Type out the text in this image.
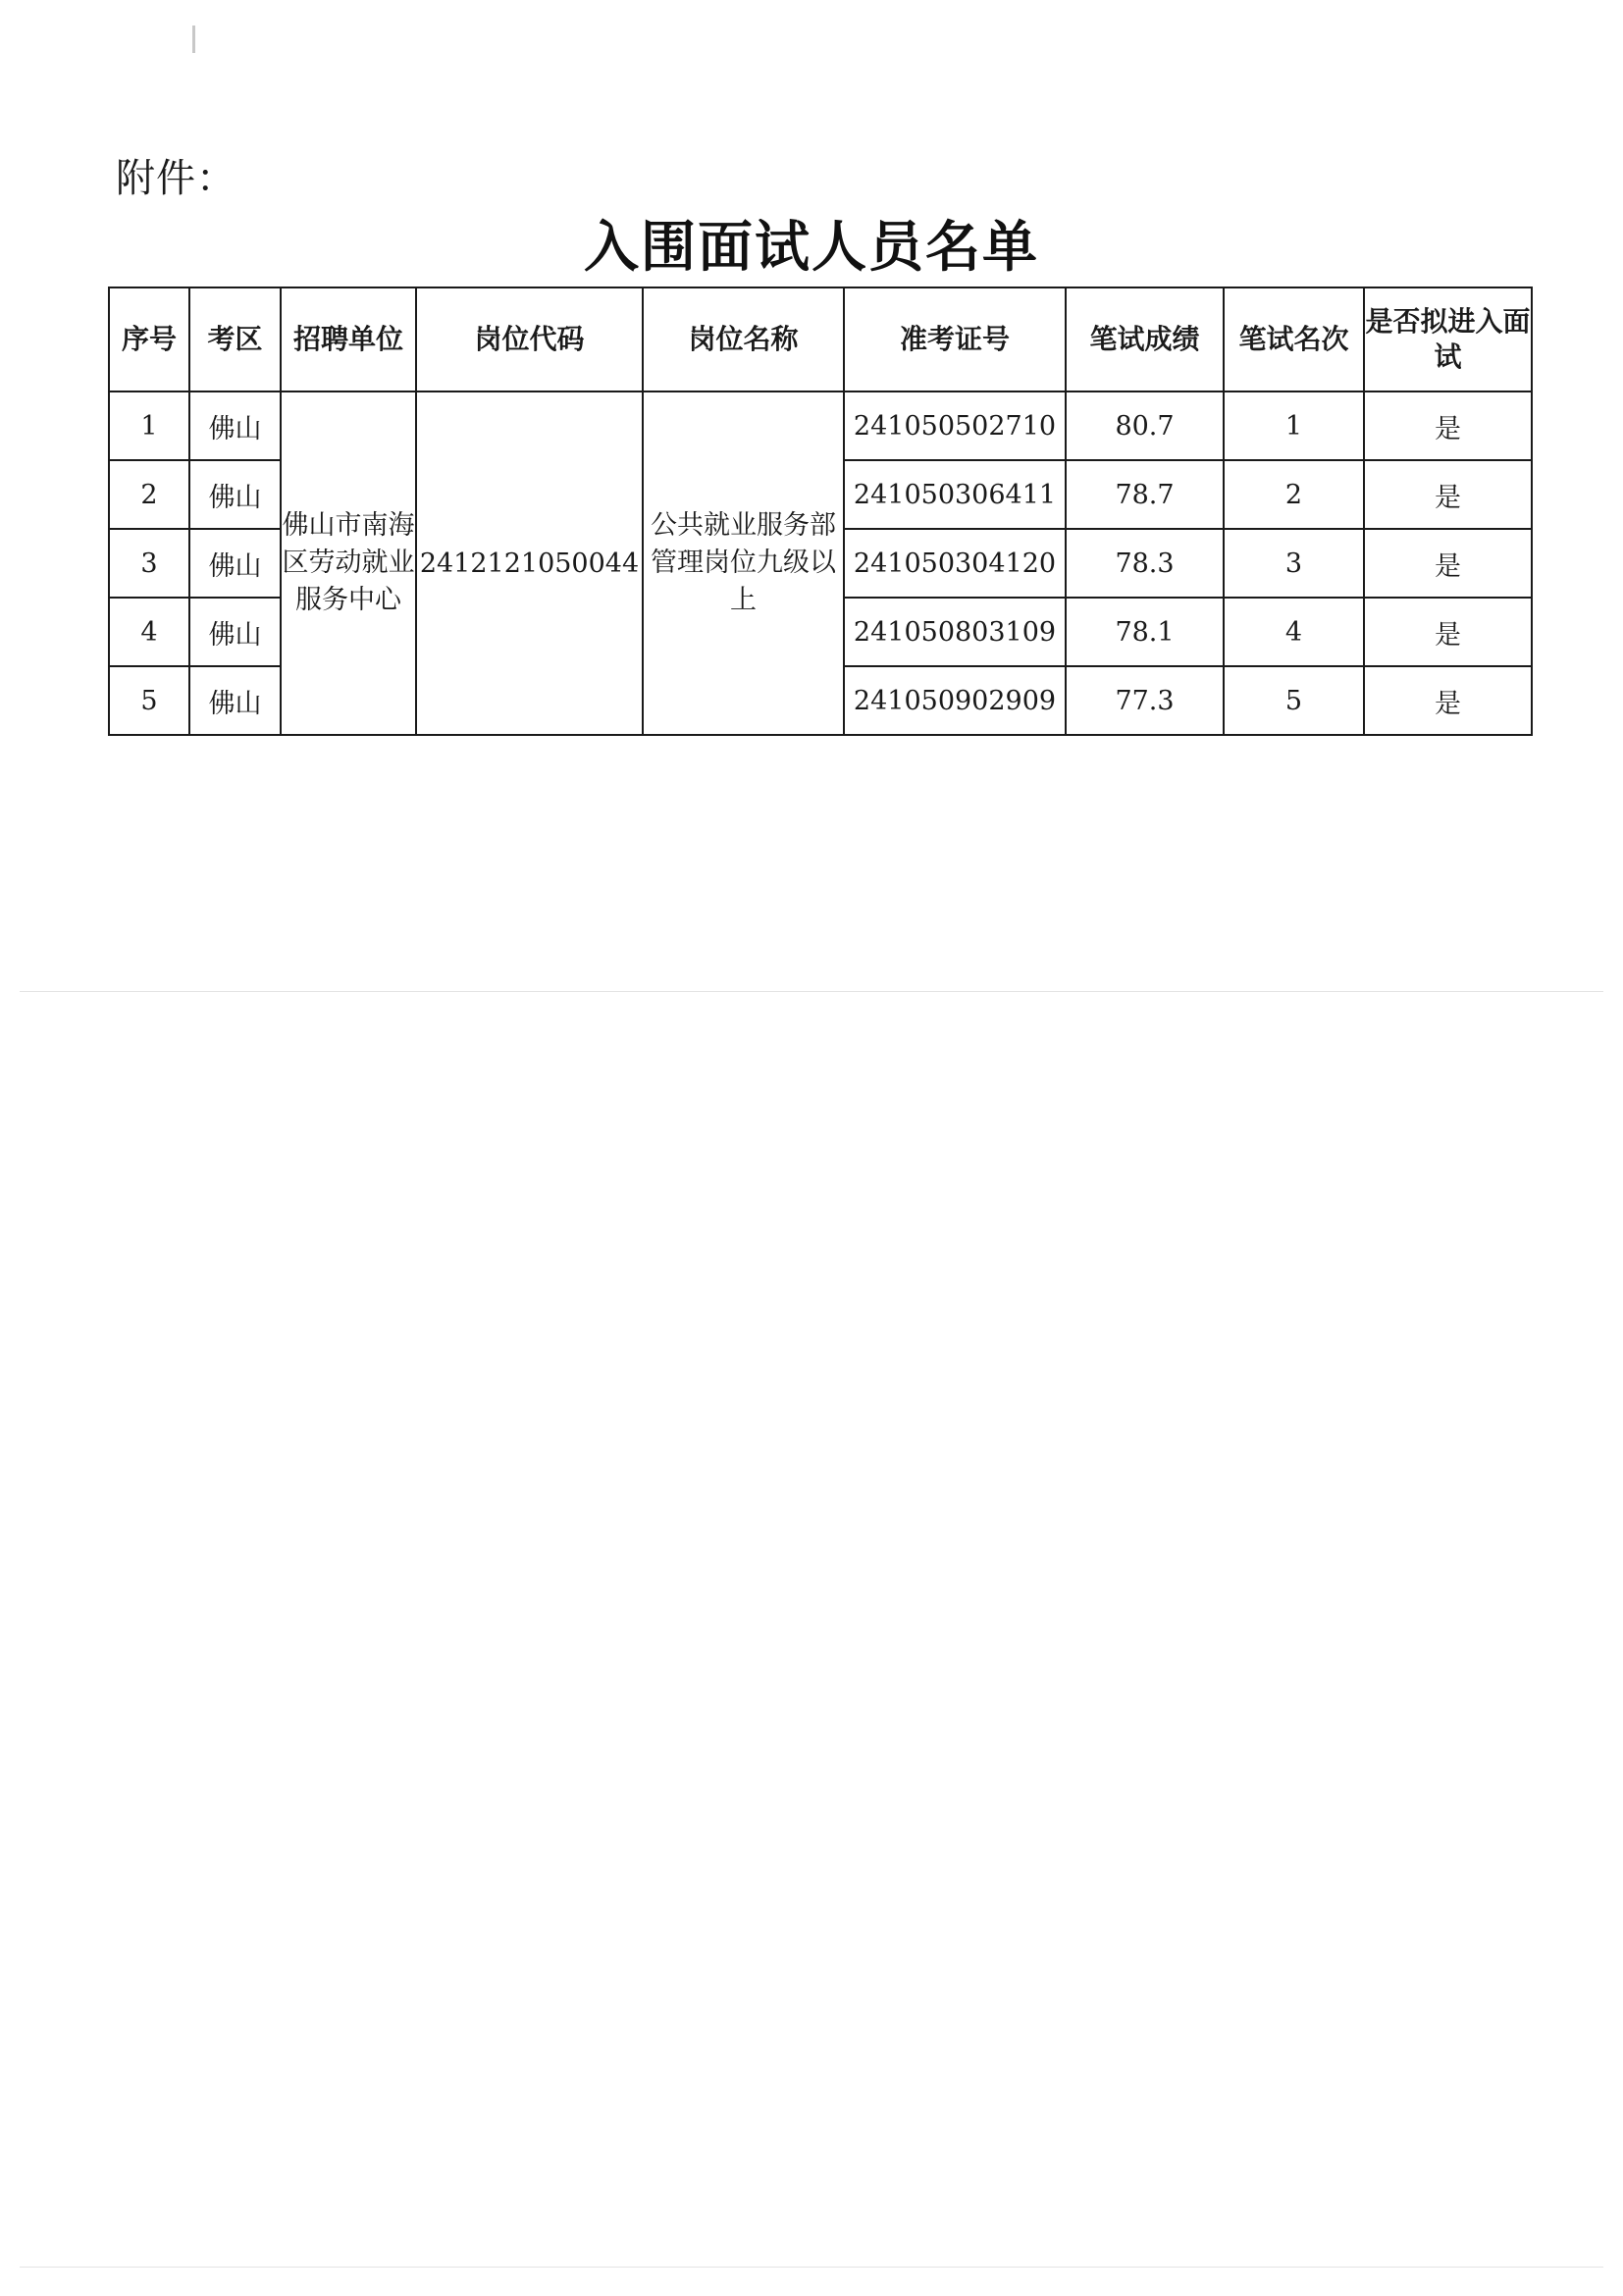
附件：
入围面试人员名单
序号	考区	招聘单位	岗位代码	岗位名称	准考证号	笔试成绩	笔试名次	是否拟进入面试
1	佛山	佛山市南海区劳动就业服务中心	2412121050044	公共就业服务部管理岗位九级以上	241050502710	80.7	1	是
2	佛山				241050306411	78.7	2	是
3	佛山				241050304120	78.3	3	是
4	佛山				241050803109	78.1	4	是
5	佛山				241050902909	77.3	5	是
